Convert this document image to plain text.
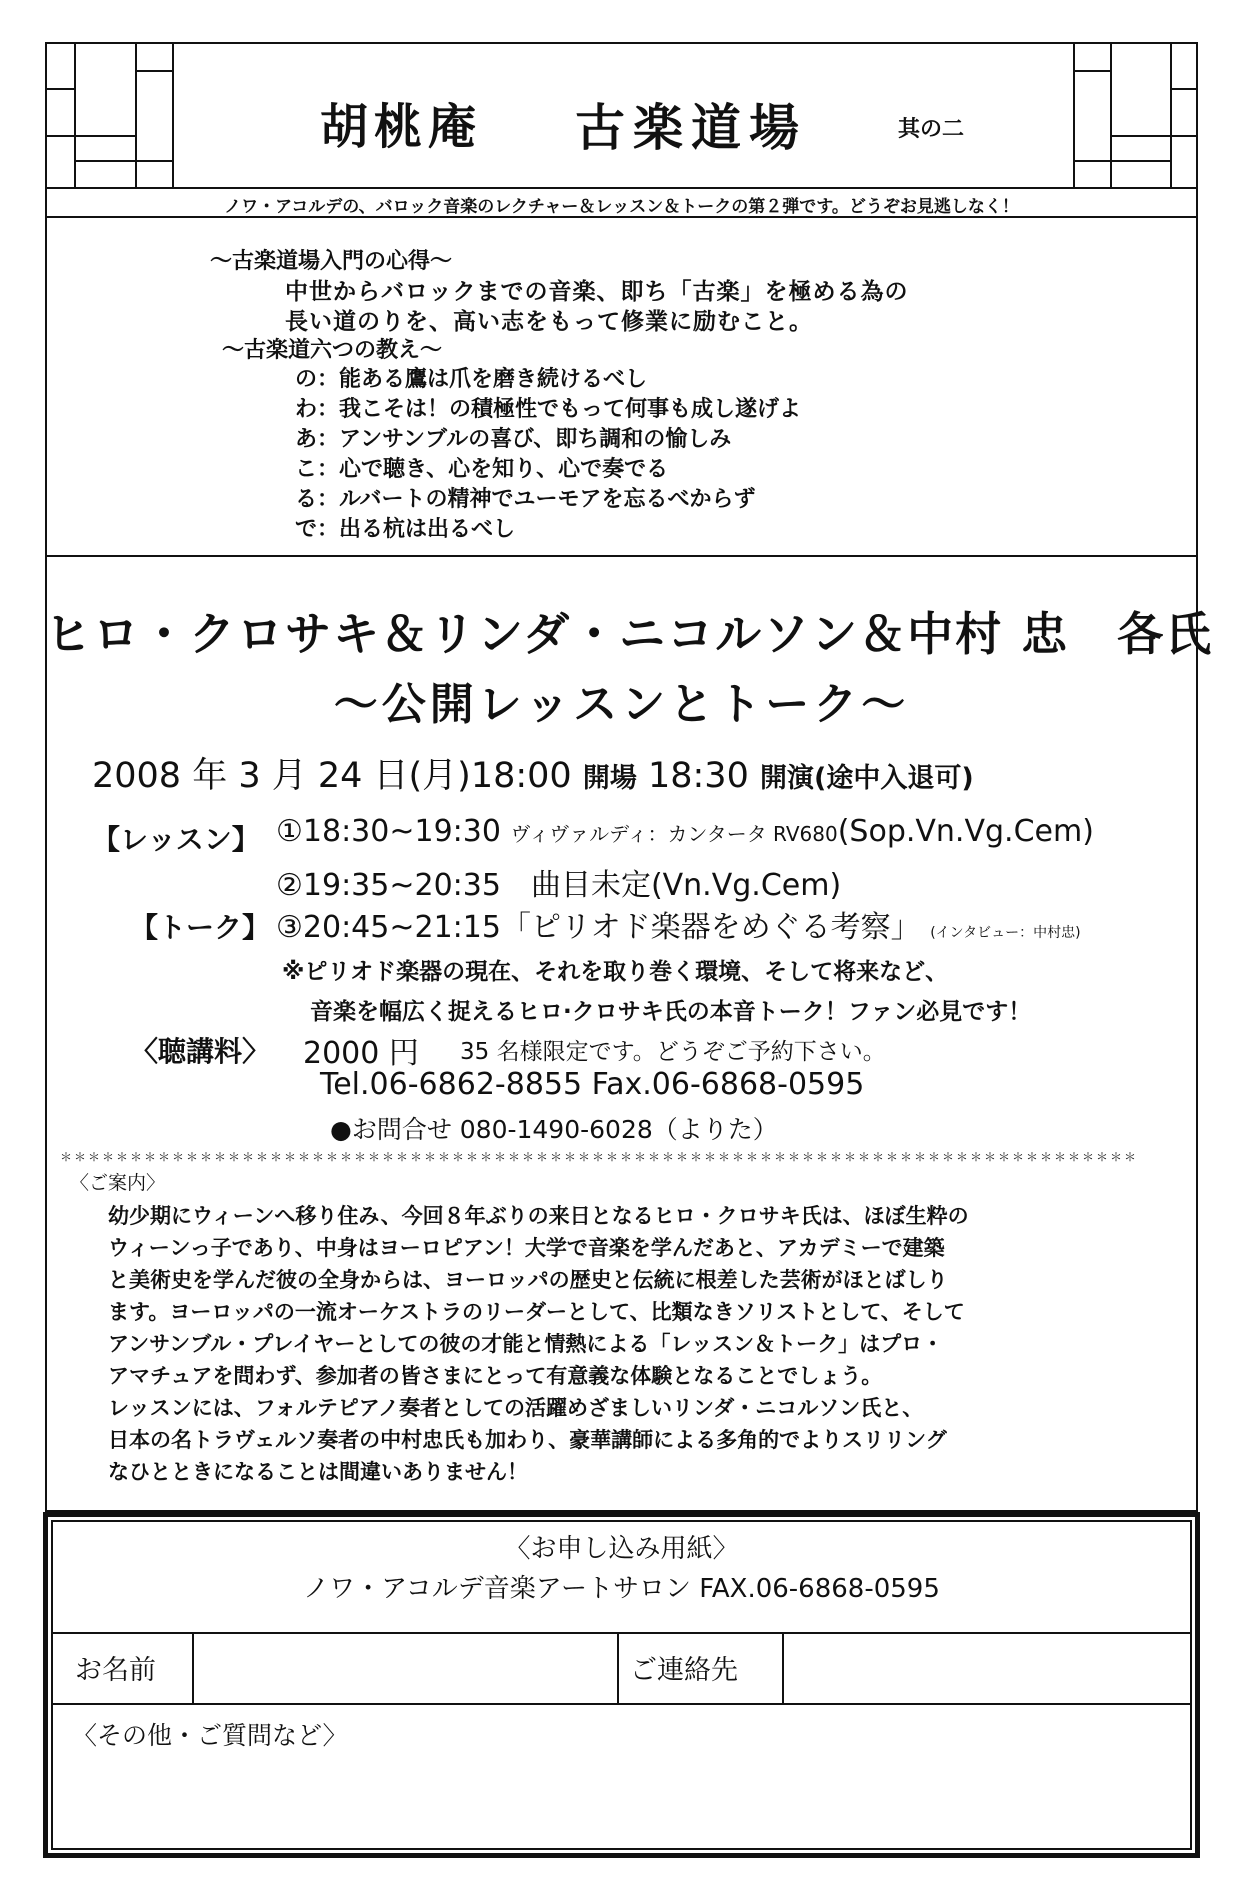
胡桃庵 古楽道場	其の二
ノワ・アコルデの、バロック音楽のレクチャー＆レッスン＆トークの第２弾です。どうぞお見逃しなく！
〜古楽道場入門の心得〜
中世からバロックまでの音楽、即ち「古楽」を極める為の
長い道のりを、高い志をもって修業に励むこと。
〜古楽道六つの教え〜
の：能ある鷹は爪を磨き続けるべし
わ：我こそは！の積極性でもって何事も成し遂げよ
あ：アンサンブルの喜び、即ち調和の愉しみ
こ：心で聴き、心を知り、心で奏でる
る：ルバートの精神でユーモアを忘るべからず
で：出る杭は出るべし
ヒロ・クロサキ＆リンダ・ニコルソン＆中村 忠　各氏
〜公開レッスンとトーク〜
2008 年 3 月 24 日(月)18:00 開場 18:30 開演(途中入退可)
【レッスン】 ①18:30~19:30 ヴィヴァルディ：カンタータ RV680(Sop.Vn.Vg.Cem)
②19:35~20:35　曲目未定(Vn.Vg.Cem)
【トーク】 ③20:45~21:15「ピリオド楽器をめぐる考察」 (インタビュー：中村忠)
※ピリオド楽器の現在、それを取り巻く環境、そして将来など、
音楽を幅広く捉えるヒロ·クロサキ氏の本音トーク！ファン必見です！
〈聴講料〉 2000 円 35 名様限定です。どうぞご予約下さい。
Tel.06-6862-8855 Fax.06-6868-0595
●お問合せ 080-1490-6028（よりた）
＊＊＊＊＊＊＊＊＊＊＊＊＊＊＊＊＊＊＊＊＊＊＊＊＊＊＊＊＊＊＊＊＊＊＊＊＊＊＊＊＊＊＊＊＊＊＊＊＊＊＊＊＊＊＊＊＊＊＊＊＊＊＊＊＊＊＊＊＊＊＊＊＊＊＊＊＊
〈ご案内〉
幼少期にウィーンへ移り住み、今回８年ぶりの来日となるヒロ・クロサキ氏は、ほぼ生粋の
ウィーンっ子であり、中身はヨーロピアン！大学で音楽を学んだあと、アカデミーで建築
と美術史を学んだ彼の全身からは、ヨーロッパの歴史と伝統に根差した芸術がほとばしり
ます。ヨーロッパの一流オーケストラのリーダーとして、比類なきソリストとして、そして
アンサンブル・プレイヤーとしての彼の才能と情熱による「レッスン＆トーク」はプロ・
アマチュアを問わず、参加者の皆さまにとって有意義な体験となることでしょう。
レッスンには、フォルテピアノ奏者としての活躍めざましいリンダ・ニコルソン氏と、
日本の名トラヴェルソ奏者の中村忠氏も加わり、豪華講師による多角的でよりスリリング
なひとときになることは間違いありません！
〈お申し込み用紙〉
ノワ・アコルデ音楽アートサロン FAX.06-6868-0595
お名前	ご連絡先
〈その他・ご質問など〉
